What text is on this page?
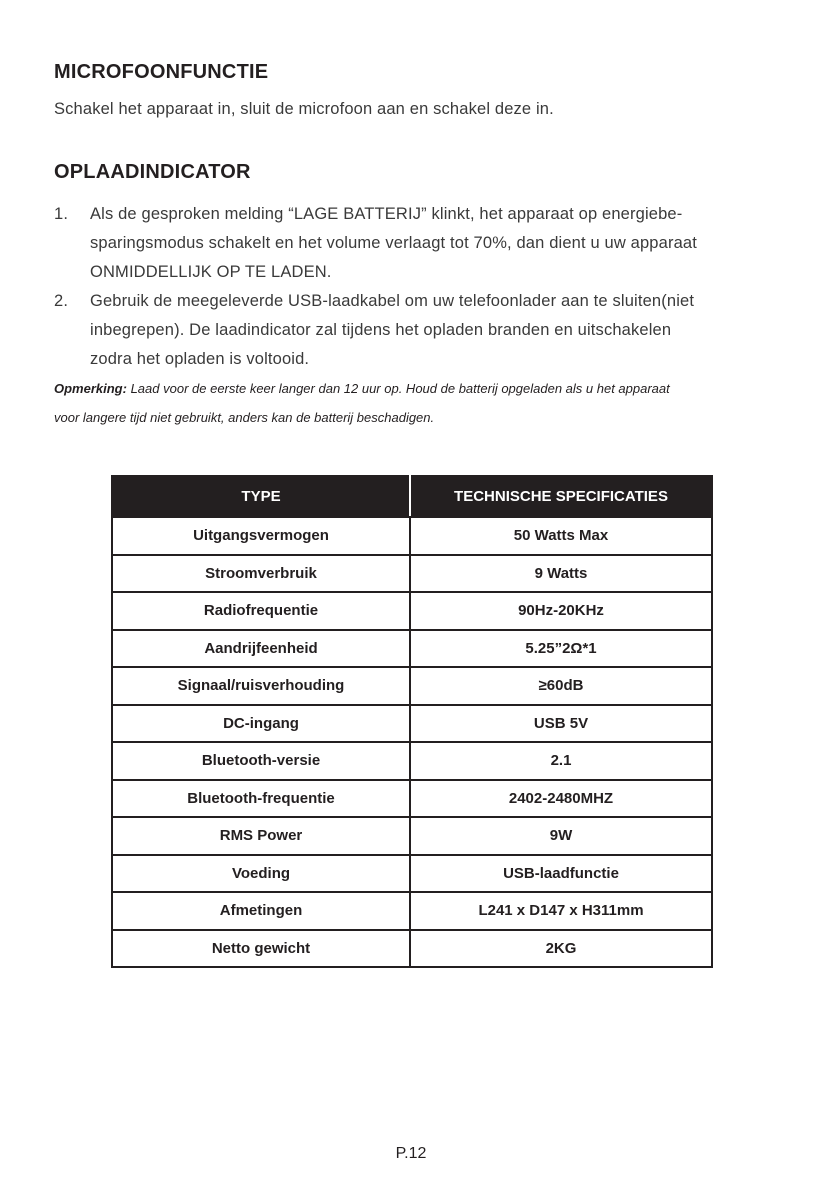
MICROFOONFUNCTIE
Schakel het apparaat in, sluit de microfoon aan en schakel deze in.
OPLAADINDICATOR
1. Als de gesproken melding “LAGE BATTERIJ” klinkt, het apparaat op energiebe-
sparingsmodus schakelt en het volume verlaagt tot 70%, dan dient u uw apparaat
ONMIDDELLIJK OP TE LADEN.
2. Gebruik de meegeleverde USB-laadkabel om uw telefoonlader aan te sluiten(niet
inbegrepen). De laadindicator zal tijdens het opladen branden en uitschakelen
zodra het opladen is voltooid.
Opmerking: Laad voor de eerste keer langer dan 12 uur op. Houd de batterij opgeladen als u het apparaat
voor langere tijd niet gebruikt, anders kan de batterij beschadigen.
TYPE	TECHNISCHE SPECIFICATIES
Uitgangsvermogen	50 Watts Max
Stroomverbruik	9 Watts
Radiofrequentie	90Hz-20KHz
Aandrijfeenheid	5.25”2Ω*1
Signaal/ruisverhouding	≥60dB
DC-ingang	USB 5V
Bluetooth-versie	2.1
Bluetooth-frequentie	2402-2480MHZ
RMS Power	9W
Voeding	USB-laadfunctie
Afmetingen	L241 x D147 x H311mm
Netto gewicht	2KG
P.12
